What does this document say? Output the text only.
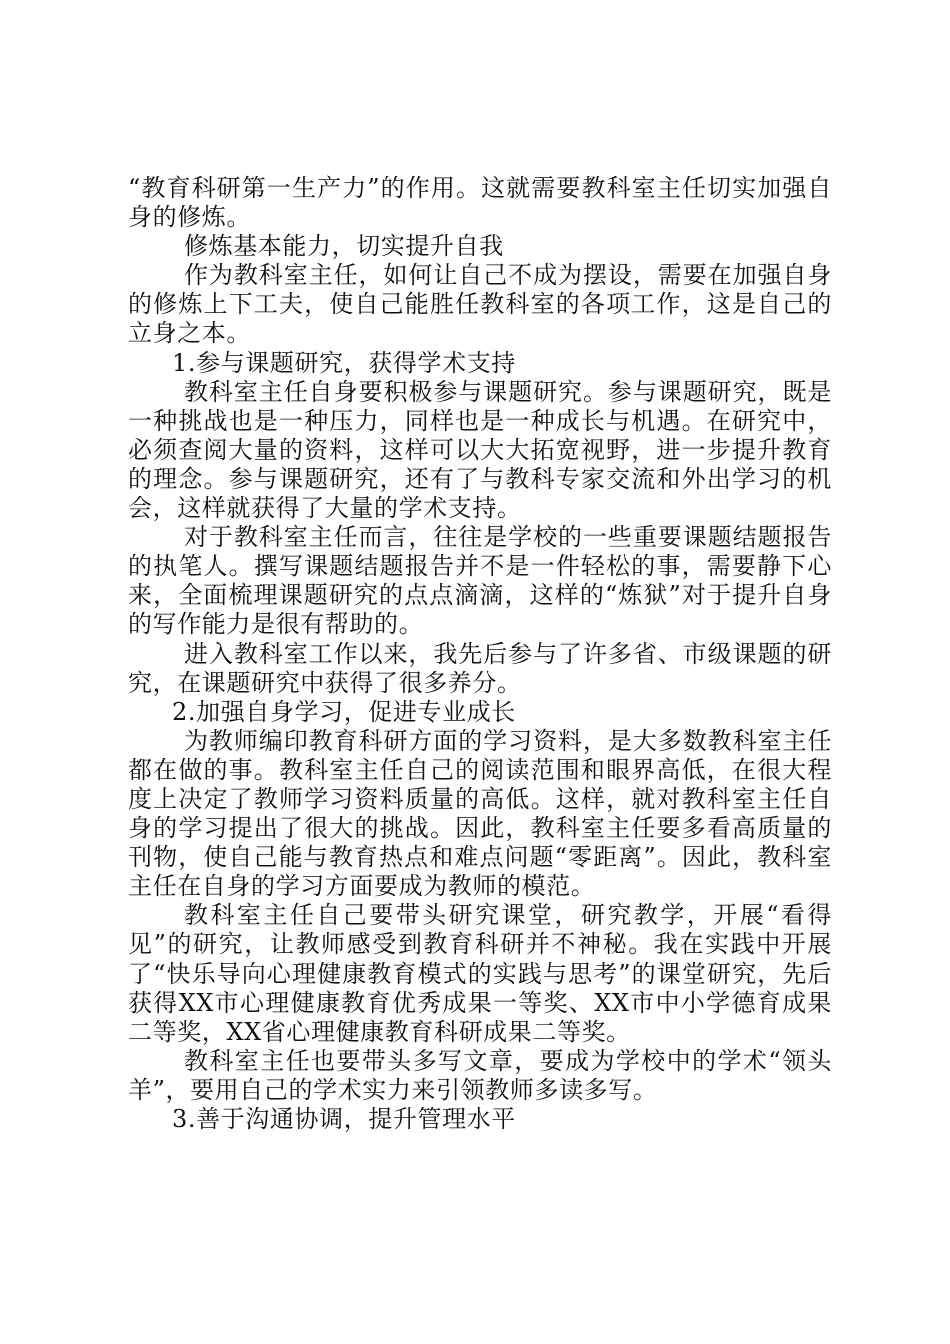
“教育科研第一生产力”的作用。这就需要教科室主任切实加强自身的修炼。

修炼基本能力，切实提升自我

作为教科室主任，如何让自己不成为摆设，需要在加强自身的修炼上下工夫，使自己能胜任教科室的各项工作，这是自己的立身之本。

1.参与课题研究，获得学术支持

教科室主任自身要积极参与课题研究。参与课题研究，既是一种挑战也是一种压力，同样也是一种成长与机遇。在研究中，必须查阅大量的资料，这样可以大大拓宽视野，进一步提升教育的理念。参与课题研究，还有了与教科专家交流和外出学习的机会，这样就获得了大量的学术支持。

对于教科室主任而言，往往是学校的一些重要课题结题报告的执笔人。撰写课题结题报告并不是一件轻松的事，需要静下心来，全面梳理课题研究的点点滴滴，这样的“炼狱”对于提升自身的写作能力是很有帮助的。

进入教科室工作以来，我先后参与了许多省、市级课题的研究，在课题研究中获得了很多养分。

2.加强自身学习，促进专业成长

为教师编印教育科研方面的学习资料，是大多数教科室主任都在做的事。教科室主任自己的阅读范围和眼界高低，在很大程度上决定了教师学习资料质量的高低。这样，就对教科室主任自身的学习提出了很大的挑战。因此，教科室主任要多看高质量的刊物，使自己能与教育热点和难点问题“零距离”。因此，教科室主任在自身的学习方面要成为教师的模范。

教科室主任自己要带头研究课堂，研究教学，开展“看得见”的研究，让教师感受到教育科研并不神秘。我在实践中开展了“快乐导向心理健康教育模式的实践与思考”的课堂研究，先后获得XX市心理健康教育优秀成果一等奖、XX市中小学德育成果二等奖，XX省心理健康教育科研成果二等奖。

教科室主任也要带头多写文章，要成为学校中的学术“领头羊”，要用自己的学术实力来引领教师多读多写。

3.善于沟通协调，提升管理水平
